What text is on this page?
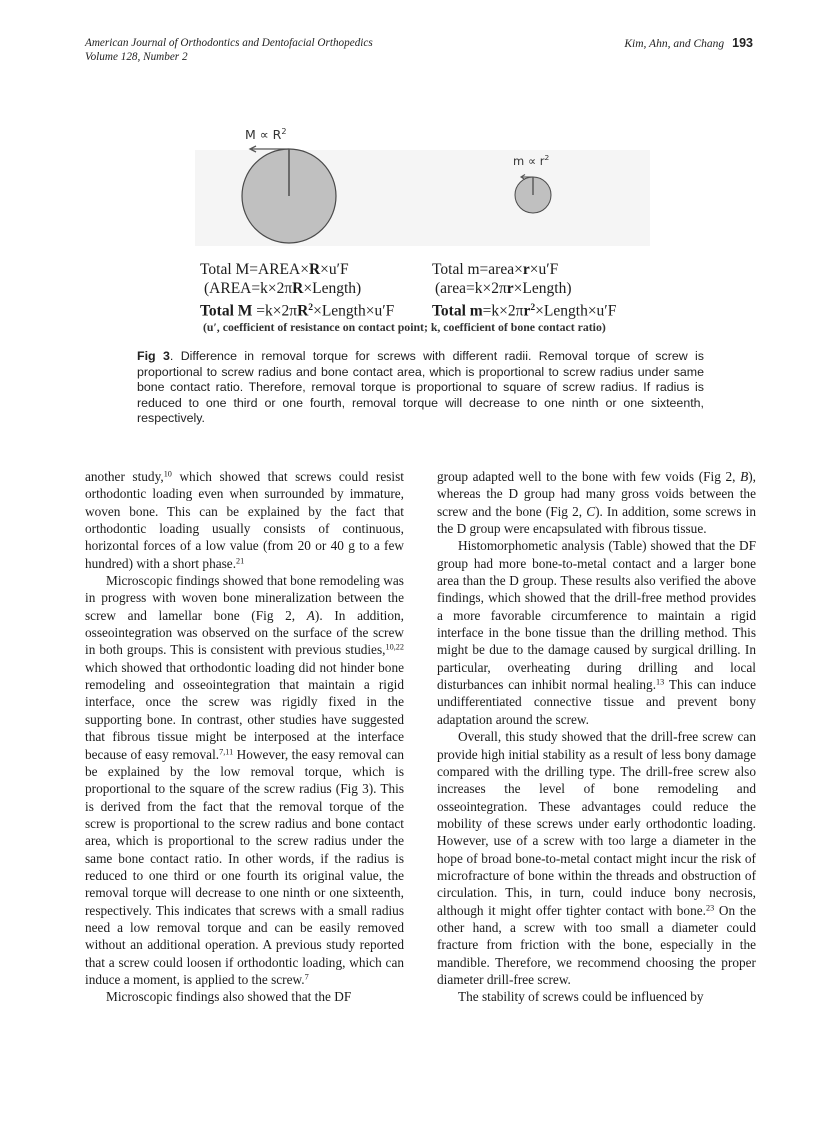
American Journal of Orthodontics and Dentofacial Orthopedics
Volume 128, Number 2
Kim, Ahn, and Chang 193
$M \propto R^2$
$m \propto r^2$
Total M=AREA×R×u′F
(AREA=k×2πR×Length)
Total $M =k\times 2\pi R^2\times Length\times u'F$
Total m=area×r×u′F
(area=k×2πr×Length)
Total $m=k\times 2\pi r^2\times Length\times u'F$
(u′, coefficient of resistance on contact point; k, coefficient of bone contact ratio)
Fig 3. Difference in removal torque for screws with different radii. Removal torque of screw is proportional to screw radius and bone contact area, which is proportional to screw radius under same bone contact ratio. Therefore, removal torque is proportional to square of screw radius. If radius is reduced to one third or one fourth, removal torque will decrease to one ninth or one sixteenth, respectively.

another study,$^{10}$ which showed that screws could resist orthodontic loading even when surrounded by immature, woven bone. This can be explained by the fact that orthodontic loading usually consists of continuous, horizontal forces of a low value (from 20 or 40 g to a few hundred) with a short phase.$^{21}$

Microscopic findings showed that bone remodeling was in progress with woven bone mineralization between the screw and lamellar bone (Fig 2, A). In addition, osseointegration was observed on the surface of the screw in both groups. This is consistent with previous studies,$^{10,22}$ which showed that orthodontic loading did not hinder bone remodeling and osseointegration that maintain a rigid interface, once the screw was rigidly fixed in the supporting bone. In contrast, other studies have suggested that fibrous tissue might be interposed at the interface because of easy removal.$^{7,11}$ However, the easy removal can be explained by the low removal torque, which is proportional to the square of the screw radius (Fig 3). This is derived from the fact that the removal torque of the screw is proportional to the screw radius and bone contact area, which is proportional to the screw radius under the same bone contact ratio. In other words, if the radius is reduced to one third or one fourth its original value, the removal torque will decrease to one ninth or one sixteenth, respectively. This indicates that screws with a small radius need a low removal torque and can be easily removed without an additional operation. A previous study reported that a screw could loosen if orthodontic loading, which can induce a moment, is applied to the screw.$^7$

Microscopic findings also showed that the DF

group adapted well to the bone with few voids (Fig 2, B), whereas the D group had many gross voids between the screw and the bone (Fig 2, C). In addition, some screws in the D group were encapsulated with fibrous tissue.

Histomorphometic analysis (Table) showed that the DF group had more bone-to-metal contact and a larger bone area than the D group. These results also verified the above findings, which showed that the drill-free method provides a more favorable circumference to maintain a rigid interface in the bone tissue than the drilling method. This might be due to the damage caused by surgical drilling. In particular, overheating during drilling and local disturbances can inhibit normal healing.$^{13}$ This can induce undifferentiated connective tissue and prevent bony adaptation around the screw.

Overall, this study showed that the drill-free screw can provide high initial stability as a result of less bony damage compared with the drilling type. The drill-free screw also increases the level of bone remodeling and osseointegration. These advantages could reduce the mobility of these screws under early orthodontic loading. However, use of a screw with too large a diameter in the hope of broad bone-to-metal contact might incur the risk of microfracture of bone within the threads and obstruction of circulation. This, in turn, could induce bony necrosis, although it might offer tighter contact with bone.$^{23}$ On the other hand, a screw with too small a diameter could fracture from friction with the bone, especially in the mandible. Therefore, we recommend choosing the proper diameter drill-free screw.

The stability of screws could be influenced by
